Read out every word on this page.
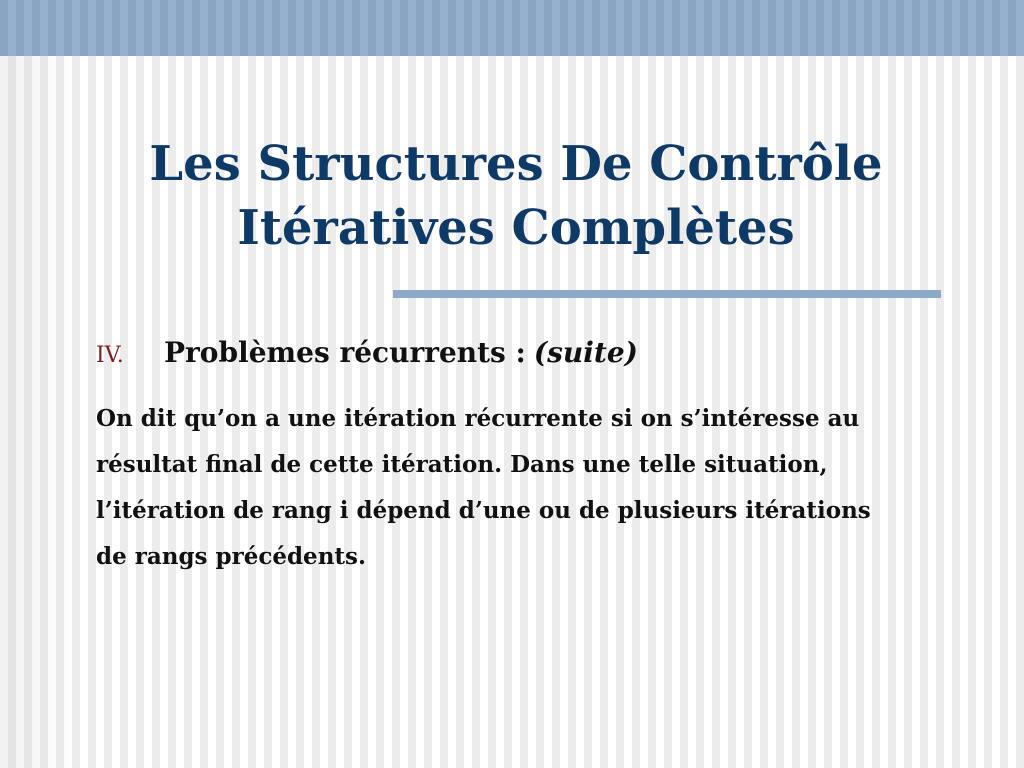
Les Structures De Contrôle
Itératives Complètes
IV.	Problèmes récurrents : (suite)

On dit qu’on a une itération récurrente si on s’intéresse au
résultat final de cette itération. Dans une telle situation,
l’itération de rang i dépend d’une ou de plusieurs itérations
de rangs précédents.
